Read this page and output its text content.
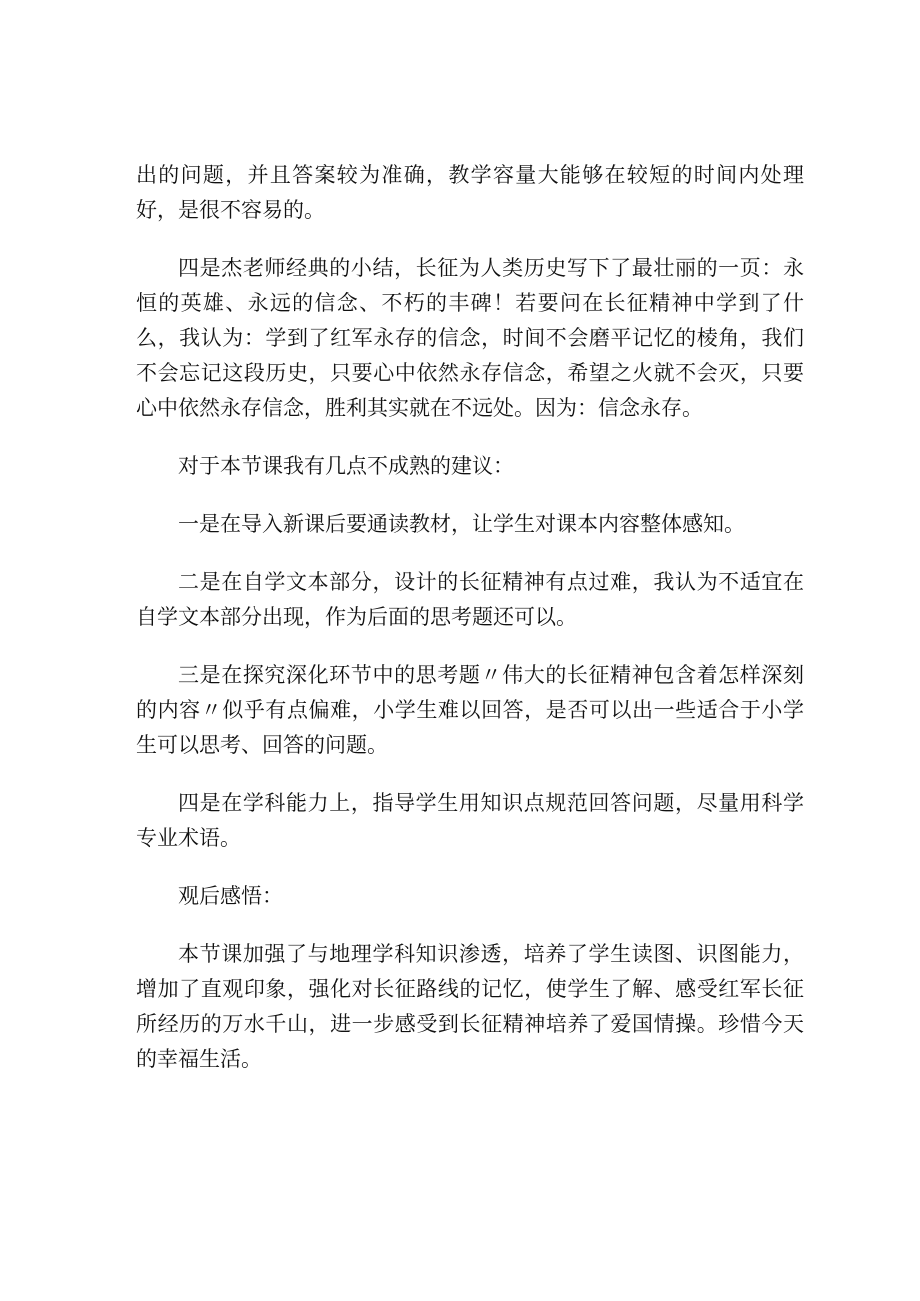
出的问题，并且答案较为准确，教学容量大能够在较短的时间内处理好，是很不容易的。

四是杰老师经典的小结，长征为人类历史写下了最壮丽的一页：永恒的英雄、永远的信念、不朽的丰碑！若要问在长征精神中学到了什么，我认为：学到了红军永存的信念，时间不会磨平记忆的棱角，我们不会忘记这段历史，只要心中依然永存信念，希望之火就不会灭，只要心中依然永存信念，胜利其实就在不远处。因为：信念永存。

对于本节课我有几点不成熟的建议：

一是在导入新课后要通读教材，让学生对课本内容整体感知。

二是在自学文本部分，设计的长征精神有点过难，我认为不适宜在自学文本部分出现，作为后面的思考题还可以。

三是在探究深化环节中的思考题〃伟大的长征精神包含着怎样深刻的内容〃似乎有点偏难，小学生难以回答，是否可以出一些适合于小学生可以思考、回答的问题。

四是在学科能力上，指导学生用知识点规范回答问题，尽量用科学专业术语。

观后感悟：

本节课加强了与地理学科知识渗透，培养了学生读图、识图能力，增加了直观印象，强化对长征路线的记忆，使学生了解、感受红军长征所经历的万水千山，进一步感受到长征精神培养了爱国情操。珍惜今天的幸福生活。
